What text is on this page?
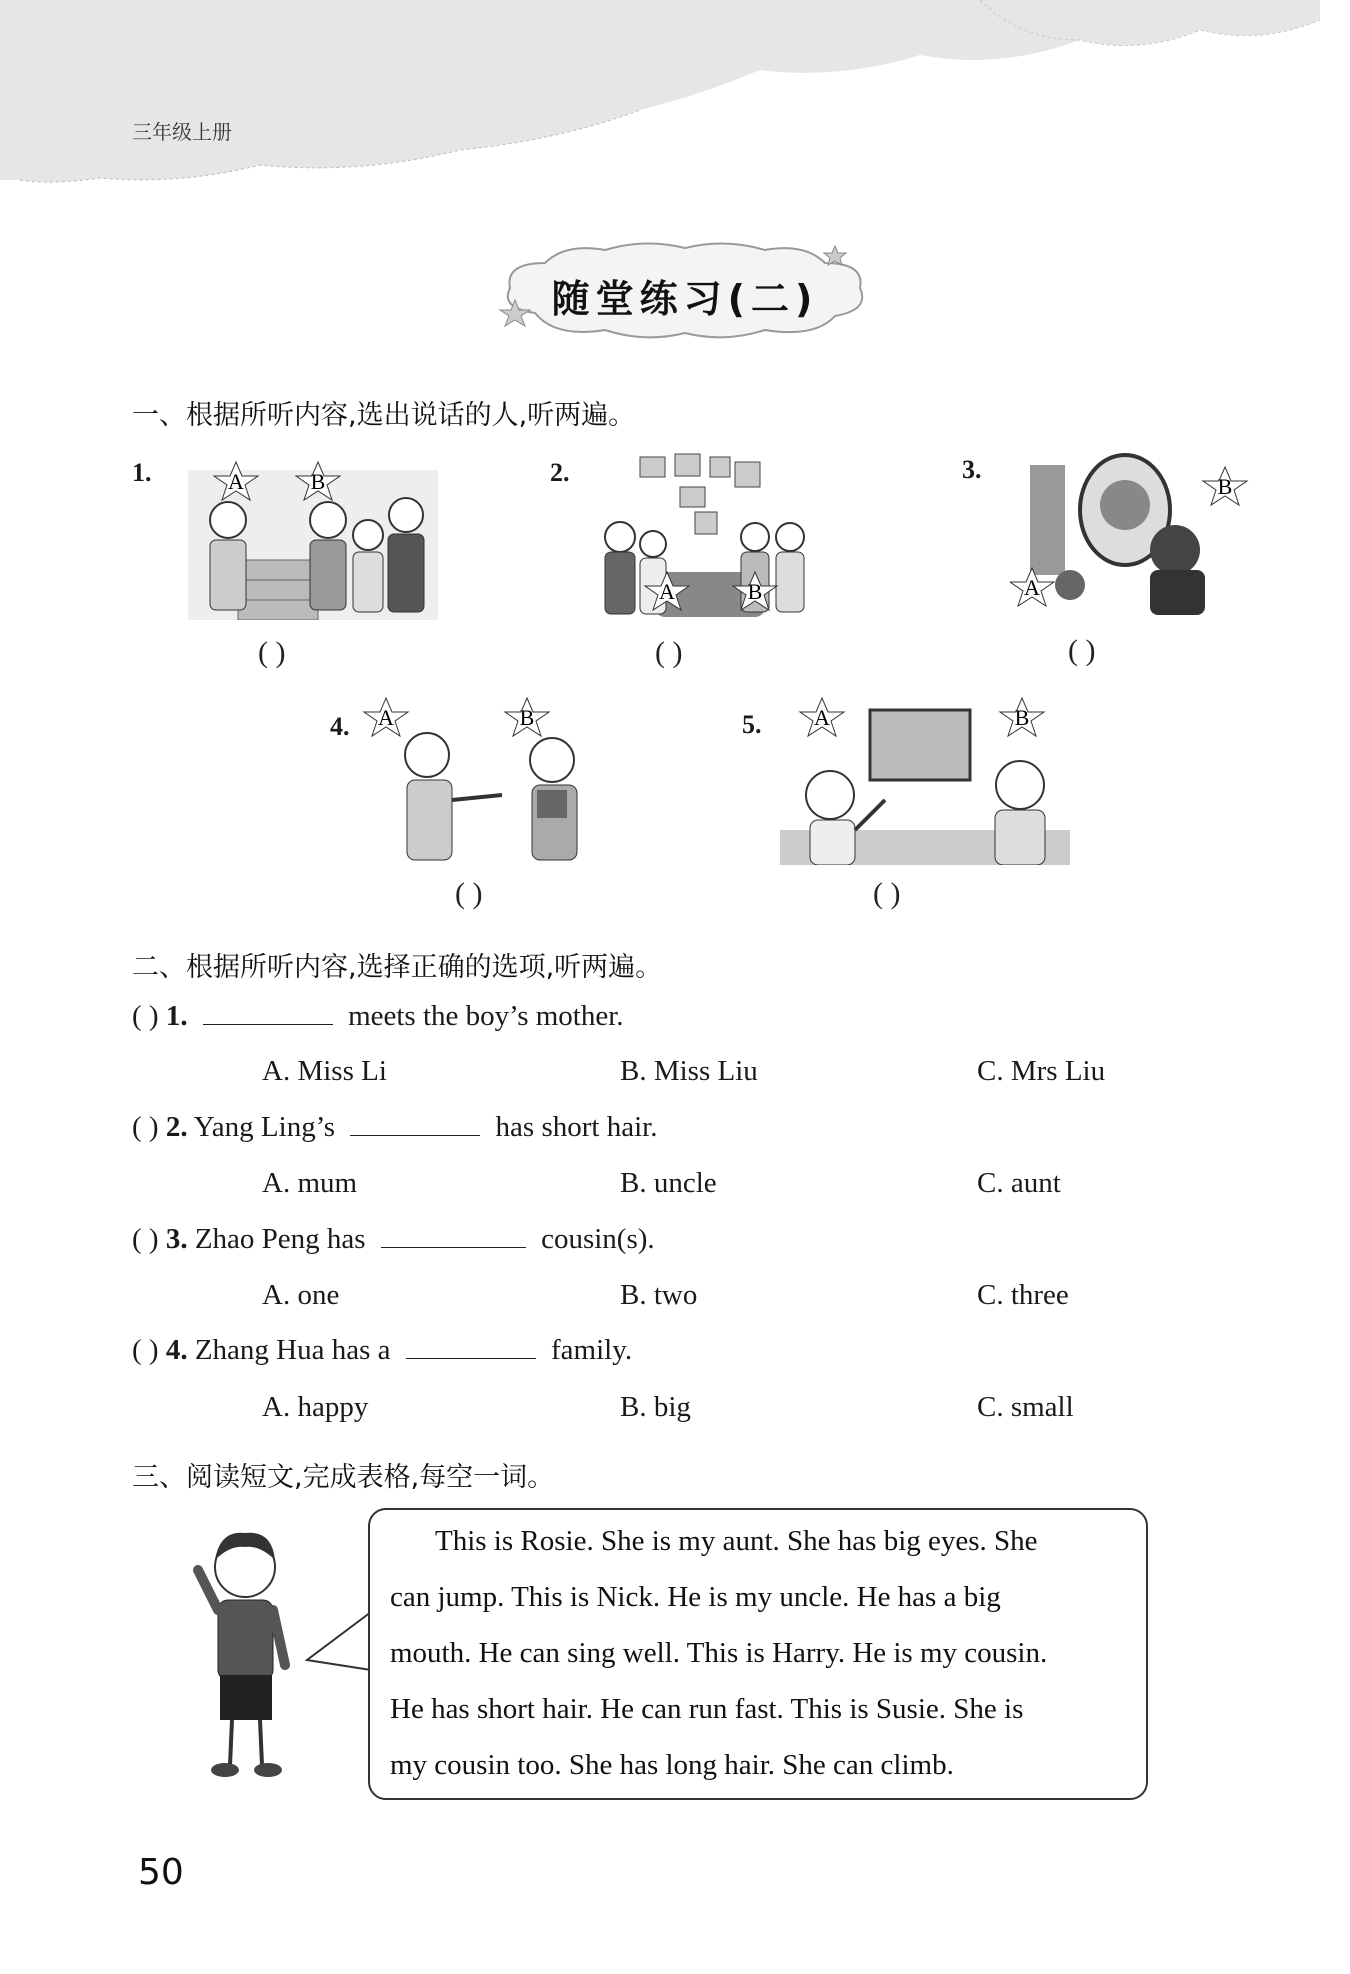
三年级上册
随堂练习(二)
一、根据所听内容,选出说话的人,听两遍。
1.	A	B
( )
2.
A	B
( )
3.
A
B
( )
4. A	B
( )
5. A	B
( )
二、根据所听内容,选择正确的选项,听两遍。
( ) 1.	meets the boy’s mother.
A. Miss Li	B. Miss Liu	C. Mrs Liu
( ) 2. Yang Ling’s	has short hair.
A. mum	B. uncle	C. aunt
( ) 3. Zhao Peng has	cousin(s).
A. one	B. two	C. three
( ) 4. Zhang Hua has a	family.
A. happy	B. big	C. small
三、阅读短文,完成表格,每空一词。
This is Rosie. She is my aunt. She has big eyes. She
can jump. This is Nick. He is my uncle. He has a big
mouth. He can sing well. This is Harry. He is my cousin.
He has short hair. He can run fast. This is Susie. She is
my cousin too. She has long hair. She can climb.
50
